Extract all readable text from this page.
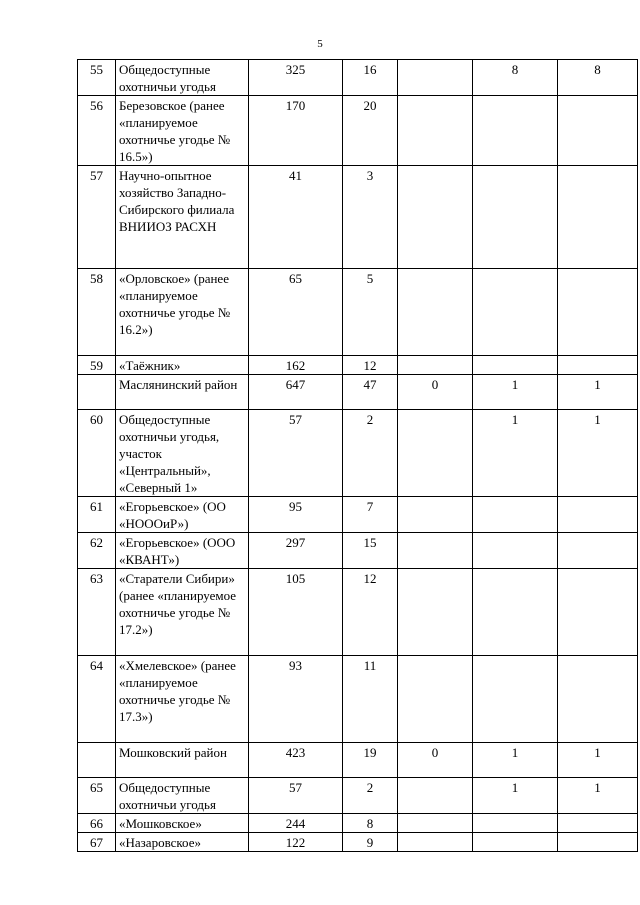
5
55	Общедоступные охотничьи угодья	325	16		8	8
56	Березовское (ранее «планируемое охотничье угодье № 16.5»)	170	20			
57	Научно-опытное хозяйство Западно-Сибирского филиала ВНИИОЗ РАСХН	41	3			
58	«Орловское» (ранее «планируемое охотничье угодье № 16.2»)	65	5			
59	«Таёжник»	162	12			
	Маслянинский район	647	47	0	1	1
60	Общедоступные охотничьи угодья, участок «Центральный», «Северный 1»	57	2		1	1
61	«Егорьевское» (ОО «НОООиР»)	95	7			
62	«Егорьевское» (ООО «КВАНТ»)	297	15			
63	«Старатели Сибири» (ранее «планируемое охотничье угодье № 17.2»)	105	12			
64	«Хмелевское» (ранее «планируемое охотничье угодье № 17.3»)	93	11			
	Мошковский район	423	19	0	1	1
65	Общедоступные охотничьи угодья	57	2		1	1
66	«Мошковское»	244	8			
67	«Назаровское»	122	9			
